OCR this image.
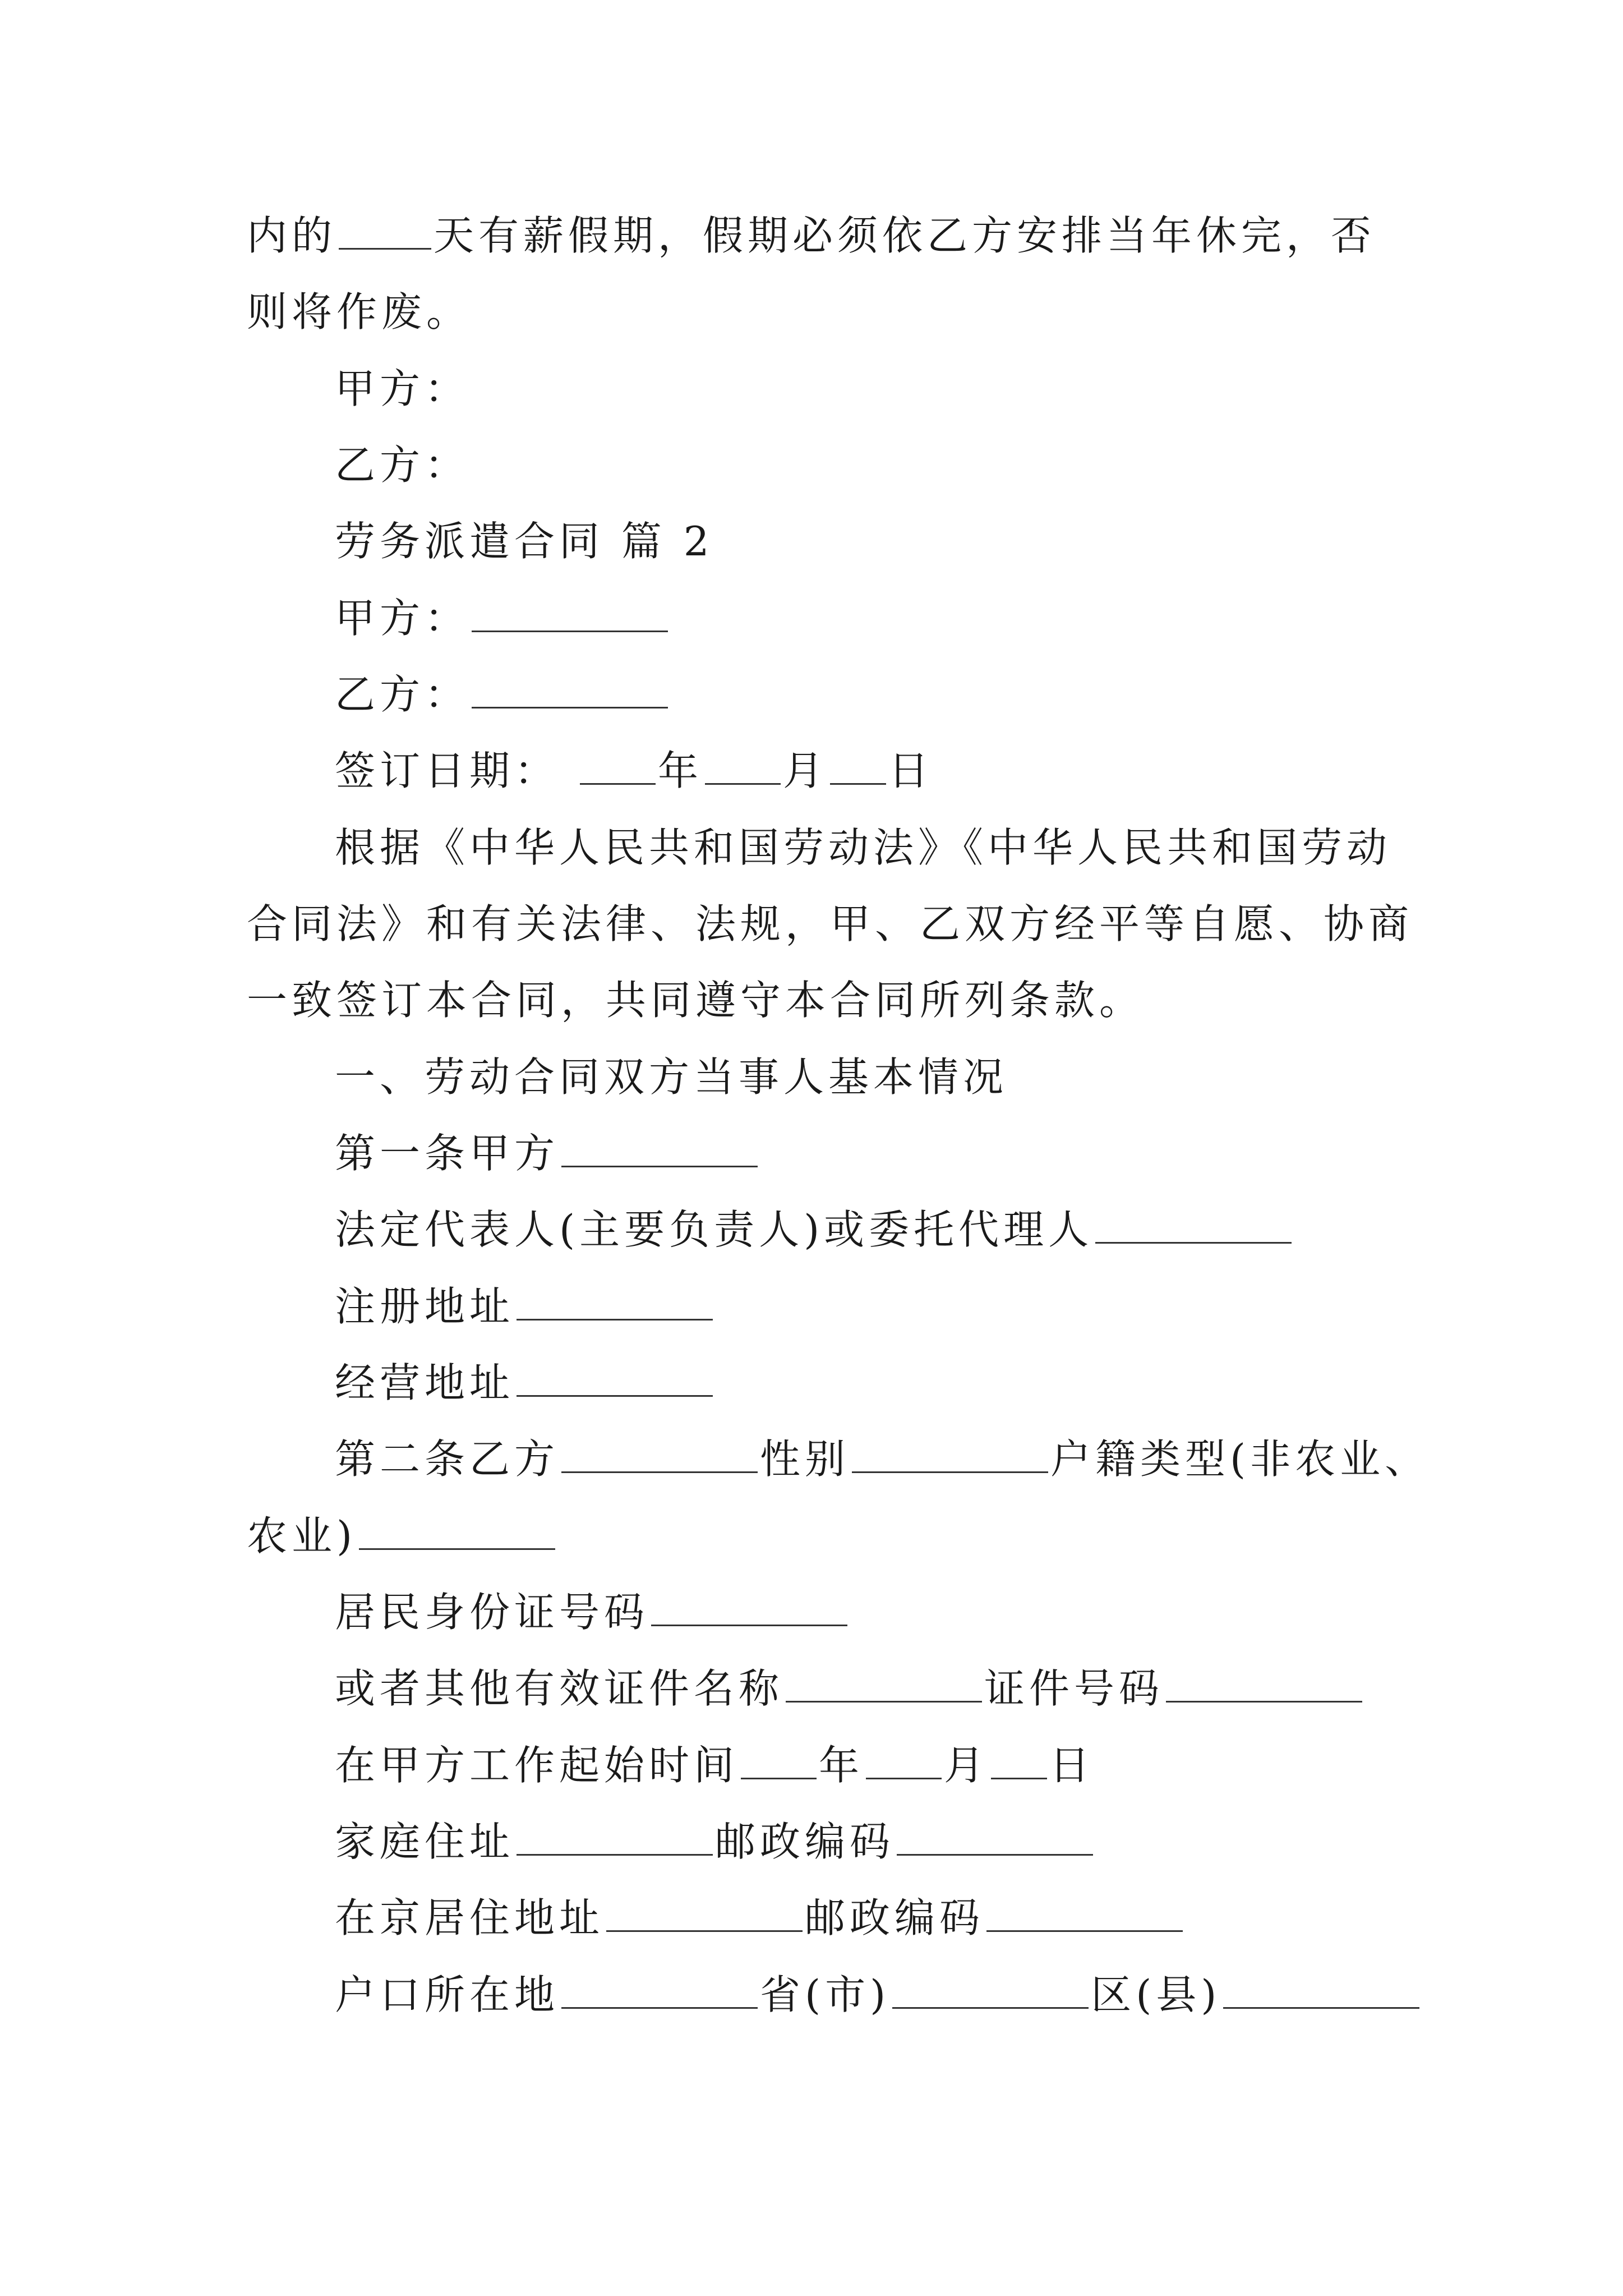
内的 天有薪假期，假期必须依乙方安排当年休完，否
则将作废。
甲方：
乙方：
劳务派遣合同 篇 2
甲方：
乙方：
签订日期： 年 月 日
根据《中华人民共和国劳动法》《中华人民共和国劳动
合同法》和有关法律、法规，甲、乙双方经平等自愿、协商
一致签订本合同，共同遵守本合同所列条款。
一、劳动合同双方当事人基本情况
第一条甲方
法定代表人(主要负责人)或委托代理人
注册地址
经营地址
第二条乙方	性别	户籍类型(非农业、
农业)
居民身份证号码
或者其他有效证件名称	证件号码
在甲方工作起始时间 年 月 日
家庭住址	邮政编码
在京居住地址	邮政编码
户口所在地	省(市)	区(县)
